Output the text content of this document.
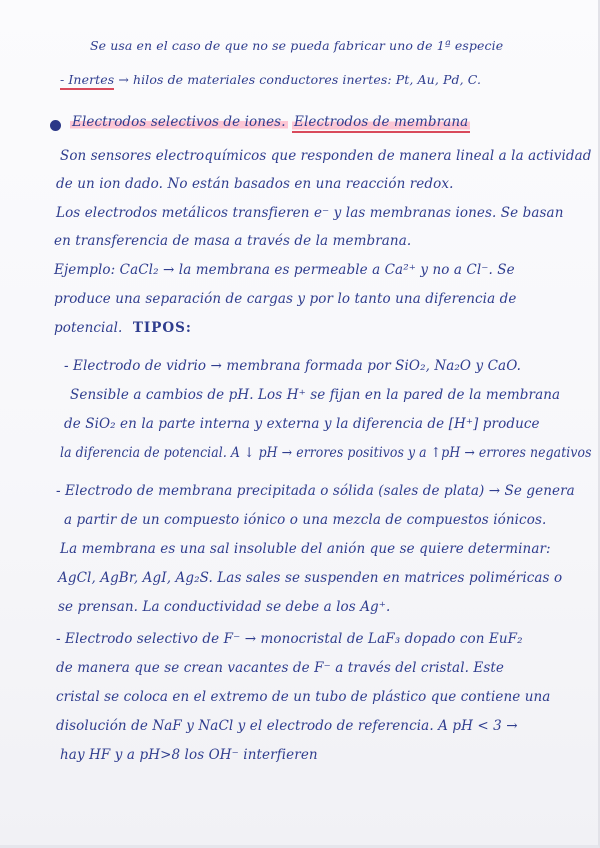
Se usa en el caso de que no se pueda fabricar uno de 1ª especie
- Inertes → hilos de materiales conductores inertes: Pt, Au, Pd, C.
Electrodos selectivos de iones. Electrodos de membrana
Son sensores electroquímicos que responden de manera lineal a la actividad
de un ion dado. No están basados en una reacción redox.
Los electrodos metálicos transfieren e⁻ y las membranas iones. Se basan
en transferencia de masa a través de la membrana.
Ejemplo: CaCl₂ → la membrana es permeable a Ca²⁺ y no a Cl⁻. Se
produce una separación de cargas y por lo tanto una diferencia de
potencial. TIPOS:
- Electrodo de vidrio → membrana formada por SiO₂, Na₂O y CaO.
Sensible a cambios de pH. Los H⁺ se fijan en la pared de la membrana
de SiO₂ en la parte interna y externa y la diferencia de [H⁺] produce
la diferencia de potencial. A ↓ pH → errores positivos y a ↑pH → errores negativos
- Electrodo de membrana precipitada o sólida (sales de plata) → Se genera
a partir de un compuesto iónico o una mezcla de compuestos iónicos.
La membrana es una sal insoluble del anión que se quiere determinar:
AgCl, AgBr, AgI, Ag₂S. Las sales se suspenden en matrices poliméricas o
se prensan. La conductividad se debe a los Ag⁺.
- Electrodo selectivo de F⁻ → monocristal de LaF₃ dopado con EuF₂
de manera que se crean vacantes de F⁻ a través del cristal. Este
cristal se coloca en el extremo de un tubo de plástico que contiene una
disolución de NaF y NaCl y el electrodo de referencia. A pH < 3 →
hay HF y a pH>8 los OH⁻ interfieren
